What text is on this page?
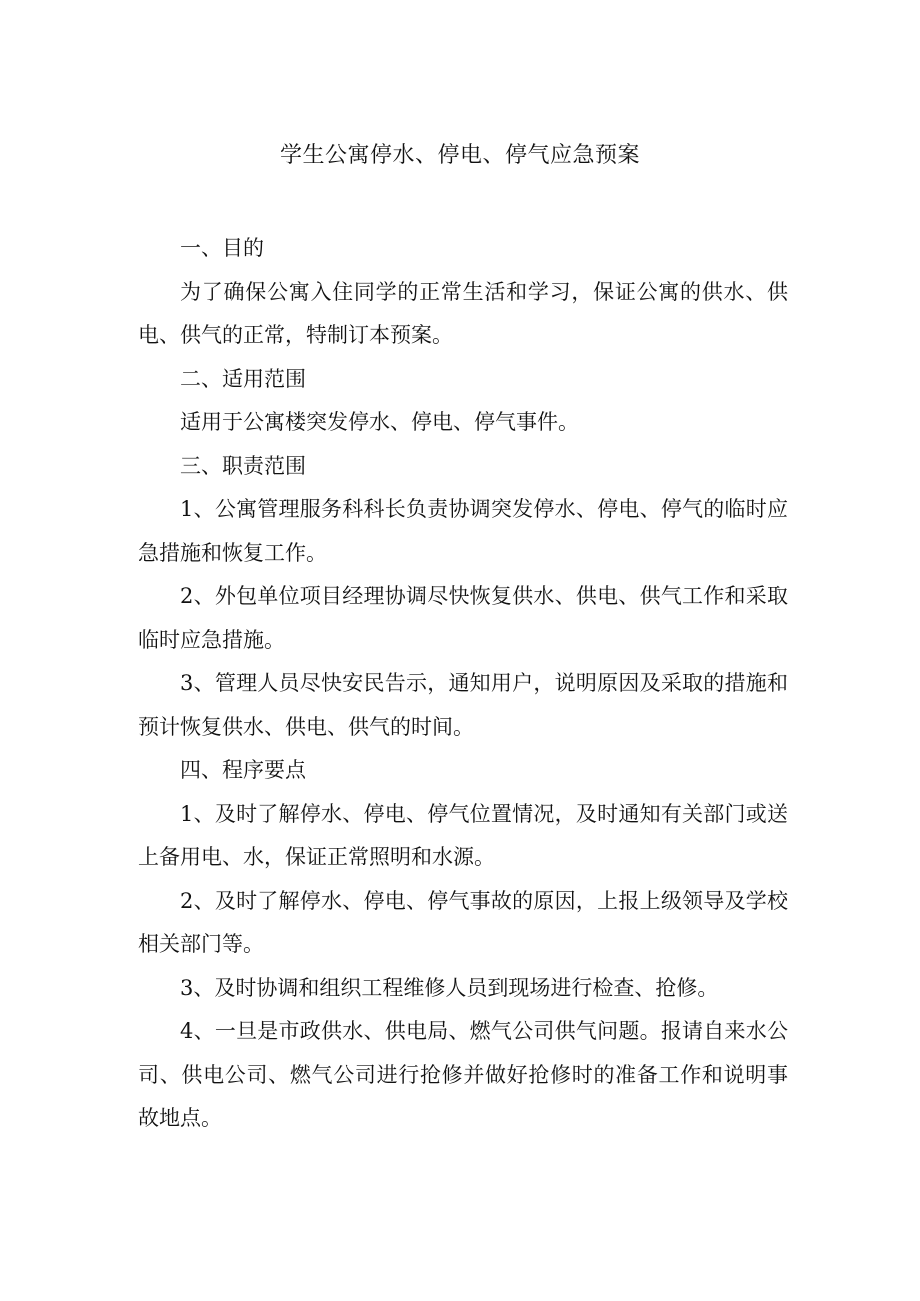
学生公寓停水、停电、停气应急预案

一、目的

为了确保公寓入住同学的正常生活和学习，保证公寓的供水、供电、供气的正常，特制订本预案。

二、适用范围

适用于公寓楼突发停水、停电、停气事件。

三、职责范围

1、公寓管理服务科科长负责协调突发停水、停电、停气的临时应急措施和恢复工作。

2、外包单位项目经理协调尽快恢复供水、供电、供气工作和采取临时应急措施。

3、管理人员尽快安民告示，通知用户，说明原因及采取的措施和预计恢复供水、供电、供气的时间。

四、程序要点

1、及时了解停水、停电、停气位置情况，及时通知有关部门或送上备用电、水，保证正常照明和水源。

2、及时了解停水、停电、停气事故的原因，上报上级领导及学校相关部门等。

3、及时协调和组织工程维修人员到现场进行检查、抢修。

4、一旦是市政供水、供电局、燃气公司供气问题。报请自来水公司、供电公司、燃气公司进行抢修并做好抢修时的准备工作和说明事故地点。
